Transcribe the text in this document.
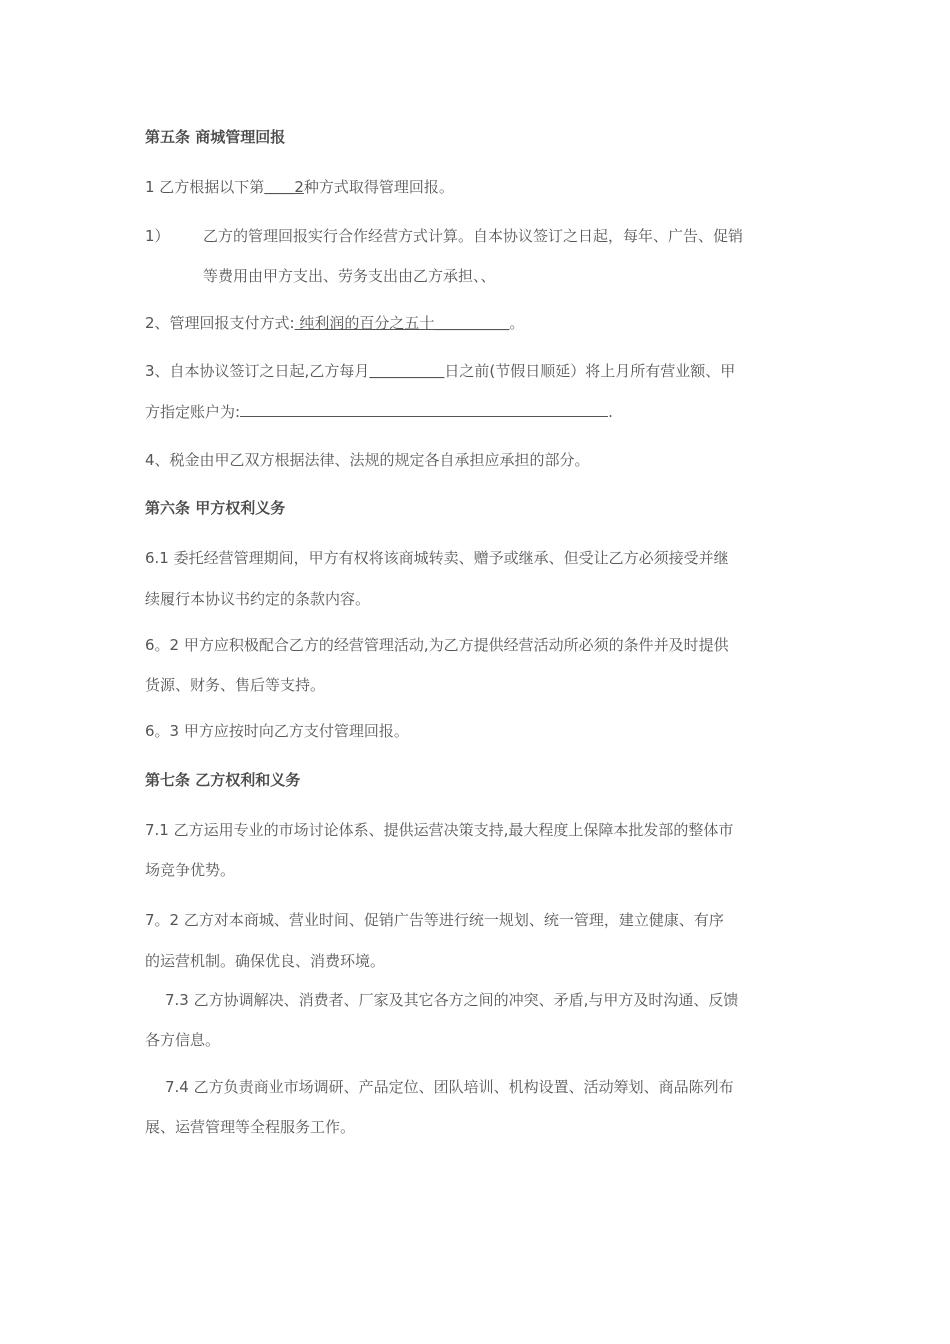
第五条 商城管理回报
1 乙方根据以下第＿＿2种方式取得管理回报。
1） 乙方的管理回报实行合作经营方式计算。自本协议签订之日起，每年、广告、促销
等费用由甲方支出、劳务支出由乙方承担、、
2、管理回报支付方式: 纯利润的百分之五十＿＿＿＿＿。
3、自本协议签订之日起,乙方每月＿＿＿＿＿日之前(节假日顺延）将上月所有营业额、甲
方指定账户为:	.
4、税金由甲乙双方根据法律、法规的规定各自承担应承担的部分。
第六条 甲方权利义务
6.1 委托经营管理期间，甲方有权将该商城转卖、赠予或继承、但受让乙方必须接受并继
续履行本协议书约定的条款内容。
6。2 甲方应积极配合乙方的经营管理活动,为乙方提供经营活动所必须的条件并及时提供
货源、财务、售后等支持。
6。3 甲方应按时向乙方支付管理回报。
第七条 乙方权利和义务
7.1 乙方运用专业的市场讨论体系、提供运营决策支持,最大程度上保障本批发部的整体市
场竞争优势。
7。2 乙方对本商城、营业时间、促销广告等进行统一规划、统一管理，建立健康、有序
的运营机制。确保优良、消费环境。
7.3 乙方协调解决、消费者、厂家及其它各方之间的冲突、矛盾,与甲方及时沟通、反馈
各方信息。
7.4 乙方负责商业市场调研、产品定位、团队培训、机构设置、活动筹划、商品陈列布
展、运营管理等全程服务工作。
